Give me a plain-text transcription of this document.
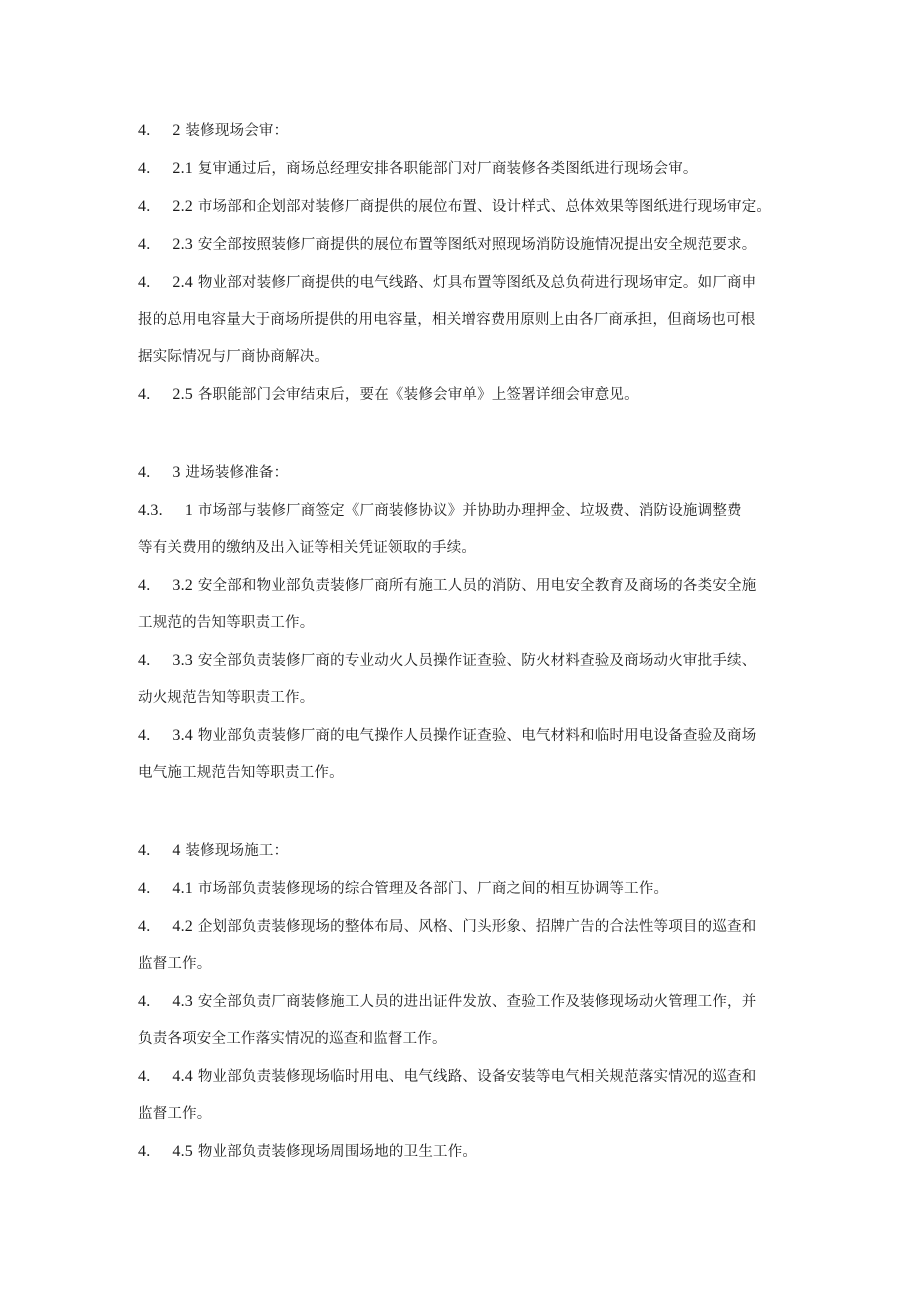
4. 2 装修现场会审：
4. 2.1 复审通过后，商场总经理安排各职能部门对厂商装修各类图纸进行现场会审。
4. 2.2 市场部和企划部对装修厂商提供的展位布置、设计样式、总体效果等图纸进行现场审定。
4. 2.3 安全部按照装修厂商提供的展位布置等图纸对照现场消防设施情况提出安全规范要求。
4. 2.4 物业部对装修厂商提供的电气线路、灯具布置等图纸及总负荷进行现场审定。如厂商申
报的总用电容量大于商场所提供的用电容量，相关增容费用原则上由各厂商承担，但商场也可根
据实际情况与厂商协商解决。
4. 2.5 各职能部门会审结束后，要在《装修会审单》上签署详细会审意见。
4. 3 进场装修准备：
4.3. 1 市场部与装修厂商签定《厂商装修协议》并协助办理押金、垃圾费、消防设施调整费
等有关费用的缴纳及出入证等相关凭证领取的手续。
4. 3.2 安全部和物业部负责装修厂商所有施工人员的消防、用电安全教育及商场的各类安全施
工规范的告知等职责工作。
4. 3.3 安全部负责装修厂商的专业动火人员操作证查验、防火材料查验及商场动火审批手续、
动火规范告知等职责工作。
4. 3.4 物业部负责装修厂商的电气操作人员操作证查验、电气材料和临时用电设备查验及商场
电气施工规范告知等职责工作。
4. 4 装修现场施工：
4. 4.1 市场部负责装修现场的综合管理及各部门、厂商之间的相互协调等工作。
4. 4.2 企划部负责装修现场的整体布局、风格、门头形象、招牌广告的合法性等项目的巡查和
监督工作。
4. 4.3 安全部负责厂商装修施工人员的进出证件发放、查验工作及装修现场动火管理工作，并
负责各项安全工作落实情况的巡查和监督工作。
4. 4.4 物业部负责装修现场临时用电、电气线路、设备安装等电气相关规范落实情况的巡查和
监督工作。
4. 4.5 物业部负责装修现场周围场地的卫生工作。
